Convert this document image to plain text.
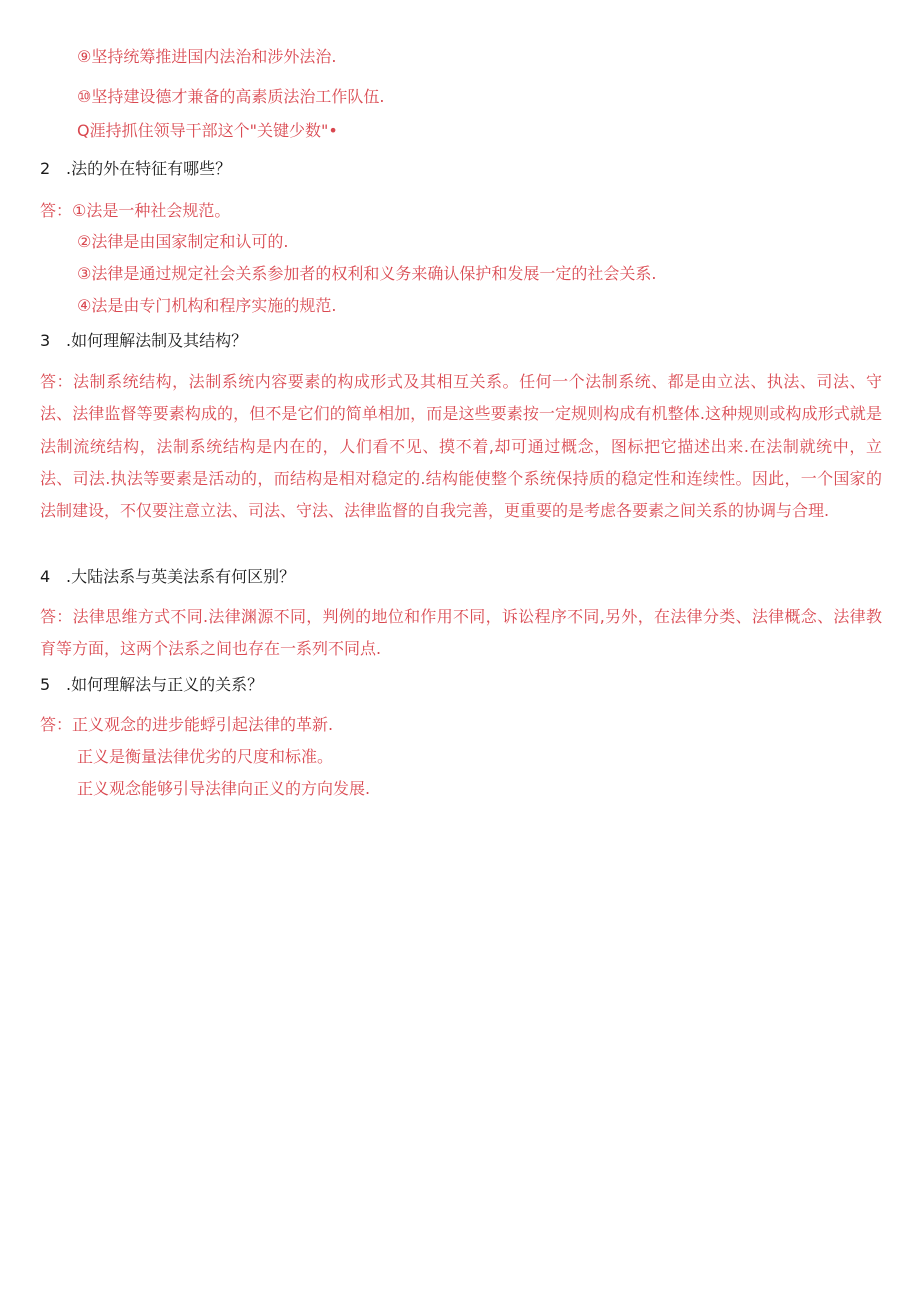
⑨坚持统筹推进国内法治和涉外法治.
⑩坚持建设德才兼备的高素质法治工作队伍.
Q涯持抓住领导干部这个"关键少数"•
2 .法的外在特征有哪些？
答：①法是一种社会规范。
②法律是由国家制定和认可的.
③法律是通过规定社会关系参加者的权利和义务来确认保护和发展一定的社会关系.
④法是由专门机构和程序实施的规范.
3 .如何理解法制及其结构？
答：法制系统结构，法制系统内容要素的构成形式及其相互关系。任何一个法制系统、都是由立法、执法、司法、守法、法律监督等要素构成的，但不是它们的简单相加，而是这些要素按一定规则构成有机整体.这种规则或构成形式就是法制流统结构，法制系统结构是内在的，人们看不见、摸不着,却可通过概念，图标把它描述出来.在法制就统中，立法、司法.执法等要素是活动的，而结构是相对稳定的.结构能使整个系统保持质的稳定性和连续性。因此，一个国家的法制建设，不仅要注意立法、司法、守法、法律监督的自我完善，更重要的是考虑各要素之间关系的协调与合理.
4 .大陆法系与英美法系有何区别？
答：法律思维方式不同.法律渊源不同，判例的地位和作用不同，诉讼程序不同,另外，在法律分类、法律概念、法律教育等方面，这两个法系之间也存在一系列不同点.
5 .如何理解法与正义的关系？
答：正义观念的进步能蜉引起法律的革新.
正义是衡量法律优劣的尺度和标准。
正义观念能够引导法律向正义的方向发展.
